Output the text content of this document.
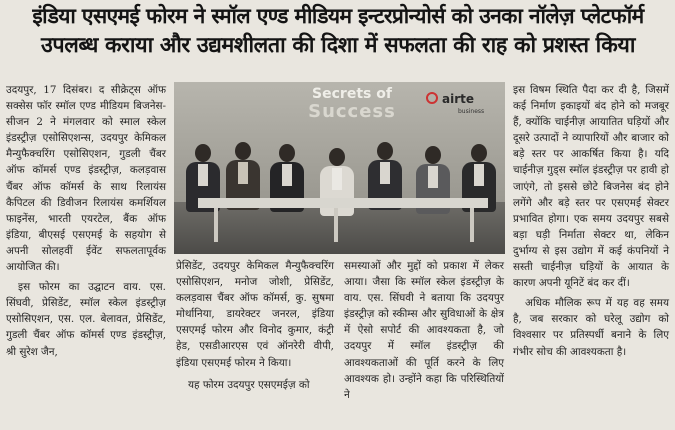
इंडिया एसएमई फोरम ने स्मॉल एण्ड मीडियम इन्टरप्रोन्योर्स को उनका नॉलेज़ प्लेटफॉर्म
उपलब्ध कराया और उद्यमशीलता की दिशा में सफलता की राह को प्रशस्त किया

उदयपुर, 17 दिसंबर। द सीक्रेट्स ऑफ सक्सेस फॉर स्मॉल एण्ड मीडियम बिजनेस- सीजन 2 ने मंगलवार को स्माल स्केल इंडस्ट्रीज़ एसोसिएशन्स, उदयपुर केमिकल मैन्युफैक्चरिंग एसोसिएशन, गुडली चैंबर ऑफ कॉमर्स एण्ड इंडस्ट्रीज़, कलड़वास चैंबर ऑफ कॉमर्स के साथ रिलायंस कैपिटल की डिवीजन रिलायंस कमर्शियल फाइनेंस, भारती एयरटेल, बैंक ऑफ इंडिया, बीएसई एसएमई के सहयोग से अपनी सोलहवीं ईवेंट सफलतापूर्वक आयोजित की।

इस फोरम का उद्घाटन वाय. एस. सिंघवी, प्रेसिडेंट, स्मॉल स्केल इंडस्ट्रीज़ एसोसिएशन, एस. एल. बेलावत, प्रेसिडेंट, गुडली चैंबर ऑफ कॉमर्स एण्ड इंडस्ट्रीज़, श्री सुरेश जैन,

Secrets of
Success
airte
business

प्रेसिडेंट, उदयपुर केमिकल मैन्युफैक्चरिंग एसोसिएशन, मनोज जोशी, प्रेसिडेंट, कलड़वास चैंबर ऑफ कॉमर्स, कु. सुषमा मोर्थानिया, डायरेक्टर जनरल, इंडिया एसएमई फोरम और विनोद कुमार, कंट्री हेड, एसडीआरएस एवं ऑनरेरी वीपी, इंडिया एसएमई फोरम ने किया।

यह फोरम उदयपुर एसएमईज़ को

समस्याओं और मुद्दों को प्रकाश में लेकर आया। जैसा कि स्मॉल स्केल इंडस्ट्रीज़ के वाय. एस. सिंघवी ने बताया कि उदयपुर इंडस्ट्रीज़ को स्कीम्स और सुविधाओं के क्षेत्र में ऐसो सपोर्ट की आवश्यकता है, जो उदयपुर में स्मॉल इंडस्ट्रीज़ की आवश्यकताओं की पूर्ति करने के लिए आवश्यक हो। उन्होंने कहा कि परिस्थितियों ने

इस विषम स्थिति पैदा कर दी है, जिसमें कई निर्माण इकाइयों बंद होने को मजबूर हैं, क्योंकि चाईनीज़ आयातित घड़ियों और दूसरे उत्पादों ने व्यापारियों और बाजार को बड़े स्तर पर आकर्षित किया है। यदि चाईनीज़ गुड्स स्मॉल इंडस्ट्रीज़ पर हावी हो जाएंगे, तो इससे छोटे बिजनेस बंद होने लगेंगे और बड़े स्तर पर एसएमई सेक्टर प्रभावित होगा। एक समय उदयपुर सबसे बड़ा घड़ी निर्माता सेक्टर था, लेकिन दुर्भाग्य से इस उद्योग में कई कंपनियों ने सस्ती चाईनीज़ घड़ियों के आयात के कारण अपनी यूनिटें बंद कर दीं।

अधिक मौलिक रूप में यह वह समय है, जब सरकार को घरेलू उद्योग को विश्वसार पर प्रतिस्पर्धी बनाने के लिए गंभीर सोच की आवश्यकता है।
